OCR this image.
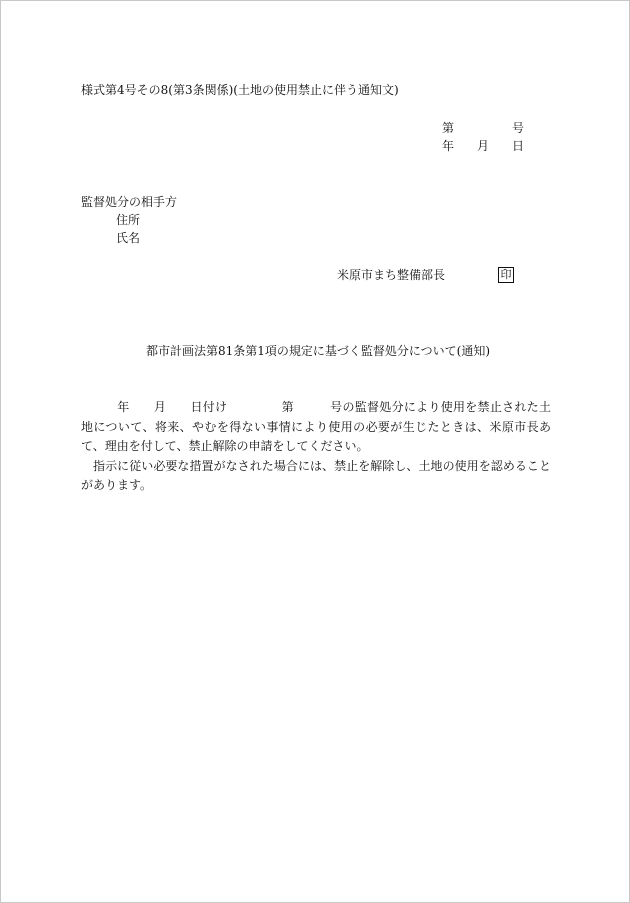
様式第4号その8(第3条関係)(土地の使用禁止に伴う通知文)
第	号
年 月 日
監督処分の相手方
住所
氏名
米原市まち整備部長	印
都市計画法第81条第1項の規定に基づく監督処分について(通知)

年 月 日付け	第	号の監督処分により使用を禁止された土地について、将来、やむを得ない事情により使用の必要が生じたときは、米原市長あて、理由を付して、禁止解除の申請をしてください。

指示に従い必要な措置がなされた場合には、禁止を解除し、土地の使用を認めることがあります。
